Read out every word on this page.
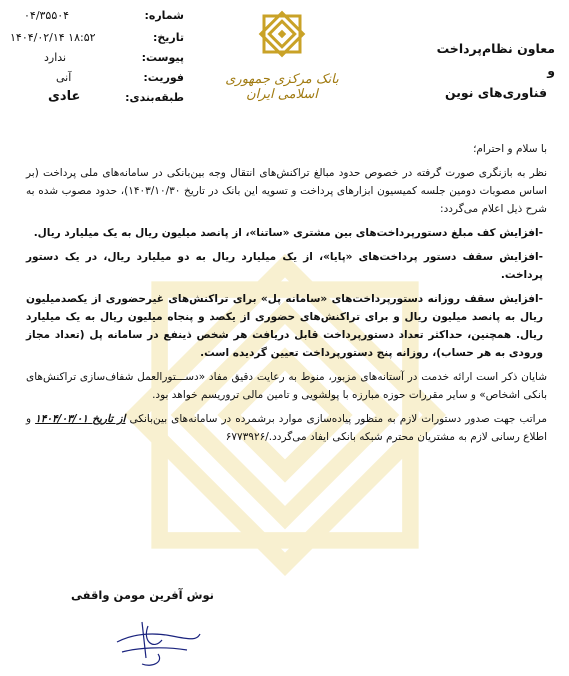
معاون نظام‌پرداخت و
فناوری‌های نوین
بانک مرکزی جمهوری اسلامی ایران
شماره:
۰۴/۳۵۵۰۴
تاریخ:
۱۴۰۴/۰۲/۱۴ ۱۸:۵۲
پیوست:
ندارد
فوریت:
آنی
طبقه‌بندی:
عادی

با سلام و احترام؛

نظر به بازنگری صورت گرفته در خصوص حدود مبالغ تراکنش‌های انتقال وجه بین‌بانکی در سامانه‌های ملی پرداخت (بر اساس مصوبات دومین جلسه کمیسیون ابزارهای پرداخت و تسویه این بانک در تاریخ ۱۴۰۳/۱۰/۳۰)، حدود مصوب شده به شرح ذیل اعلام می‌گردد:

-افزایش کف مبلغ دستورپرداخت‌های بین مشتری «ساتنا»، از پانصد میلیون ریال به یک میلیارد ریال.

-افزایش سقف دستور پرداخت‌های «پایا»، از یک میلیارد ریال به دو میلیارد ریال، در یک دستور پرداخت.

-افزایش سقف روزانه دستورپرداخت‌های «سامانه پل» برای تراکنش‌های غیرحضوری از یکصدمیلیون ریال به پانصد میلیون ریال و برای تراکنش‌های حضوری از یکصد و پنجاه میلیون ریال به یک میلیارد ریال. همچنین، حداکثر تعداد دستورپرداخت قابل دریافت هر شخص ذینفع در سامانه پل (تعداد مجاز ورودی به هر حساب)، روزانه پنج دستورپرداخت تعیین گردیده است.

شایان ذکر است ارائه خدمت در آستانه‌های مزبور، منوط به رعایت دقیق مفاد «دســـتورالعمل شفاف‌سازی تراکنش‌های بانکی اشخاص» و سایر مقررات حوزه مبارزه با پولشویی و تامین مالی تروریسم خواهد بود.

مراتب جهت صدور دستورات لازم به منظور پیاده‌سازی موارد برشمرده در سامانه‌های بین‌بانکی از تاریخ ۱۴۰۴/۰۳/۰۱ و اطلاع رسانی لازم به مشتریان محترم شبکه بانکی ایفاد می‌گردد./۶۷۷۳۹۲۶

نوش آفرین مومن واقفی
